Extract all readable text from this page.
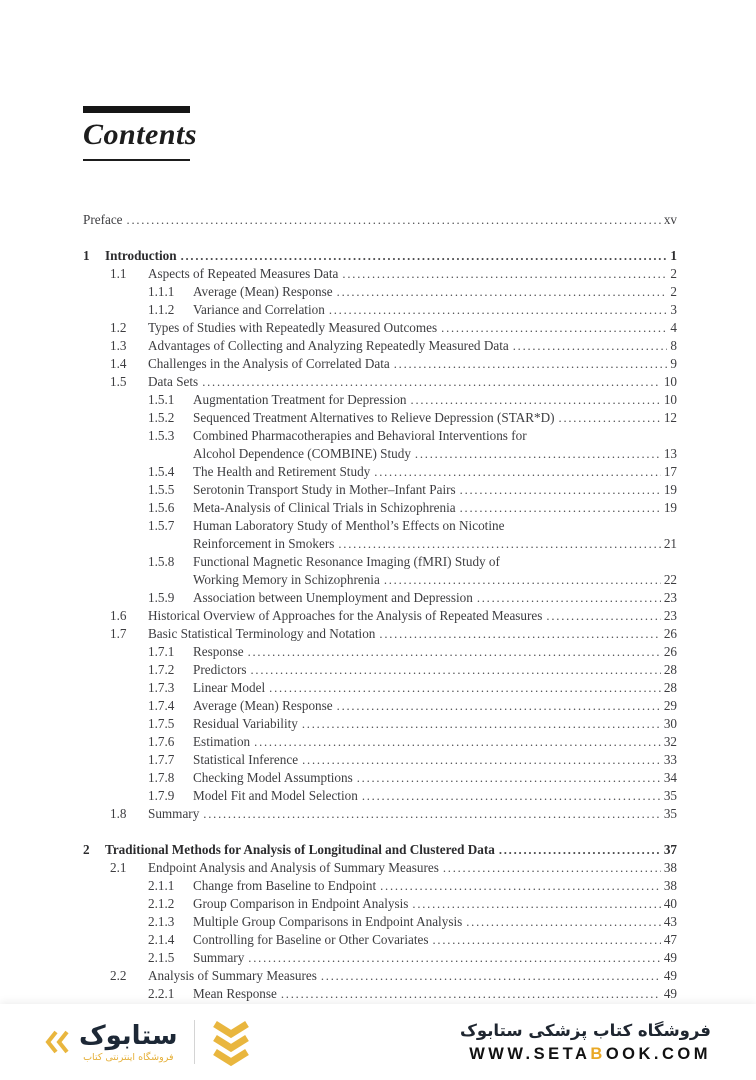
Contents
Preface .....	xv
1	Introduction .....	1
1.1	Aspects of Repeated Measures Data .....	2
1.1.1	Average (Mean) Response .....	2
1.1.2	Variance and Correlation .....	3
1.2	Types of Studies with Repeatedly Measured Outcomes .....	4
1.3	Advantages of Collecting and Analyzing Repeatedly Measured Data .....	8
1.4	Challenges in the Analysis of Correlated Data .....	9
1.5	Data Sets .....	10
1.5.1	Augmentation Treatment for Depression .....	10
1.5.2	Sequenced Treatment Alternatives to Relieve Depression (STAR*D) .....	12
1.5.3	Combined Pharmacotherapies and Behavioral Interventions for
Alcohol Dependence (COMBINE) Study .....	13
1.5.4	The Health and Retirement Study .....	17
1.5.5	Serotonin Transport Study in Mother–Infant Pairs .....	19
1.5.6	Meta-Analysis of Clinical Trials in Schizophrenia .....	19
1.5.7	Human Laboratory Study of Menthol’s Effects on Nicotine
Reinforcement in Smokers .....	21
1.5.8	Functional Magnetic Resonance Imaging (fMRI) Study of
Working Memory in Schizophrenia .....	22
1.5.9	Association between Unemployment and Depression .....	23
1.6	Historical Overview of Approaches for the Analysis of Repeated Measures .....	23
1.7	Basic Statistical Terminology and Notation .....	26
1.7.1	Response .....	26
1.7.2	Predictors .....	28
1.7.3	Linear Model .....	28
1.7.4	Average (Mean) Response .....	29
1.7.5	Residual Variability .....	30
1.7.6	Estimation .....	32
1.7.7	Statistical Inference .....	33
1.7.8	Checking Model Assumptions .....	34
1.7.9	Model Fit and Model Selection .....	35
1.8	Summary .....	35
2	Traditional Methods for Analysis of Longitudinal and Clustered Data .....	37
2.1	Endpoint Analysis and Analysis of Summary Measures .....	38
2.1.1	Change from Baseline to Endpoint .....	38
2.1.2	Group Comparison in Endpoint Analysis .....	40
2.1.3	Multiple Group Comparisons in Endpoint Analysis .....	43
2.1.4	Controlling for Baseline or Other Covariates .....	47
2.1.5	Summary .....	49
2.2	Analysis of Summary Measures .....	49
2.2.1	Mean Response .....	49
ستابوک
فروشگاه اینترنتی کتاب
فروشگاه کتاب پزشکی ستابوک
WWW.SETABOOK.COM
